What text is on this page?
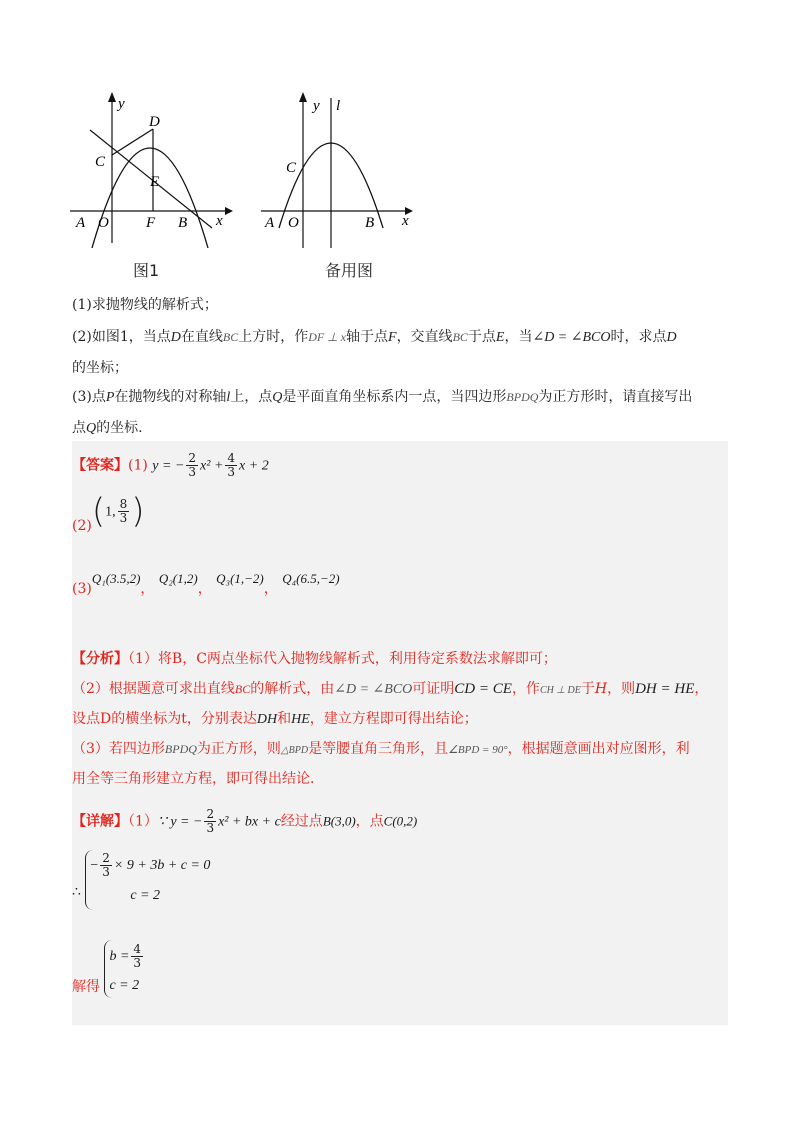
y
x
O
A	B
C
D
E
F
图1
y l
x
O
A	B
C
备用图
(1)求抛物线的解析式；
(2)如图1，当点D在直线BC上方时，作DF ⊥ x轴于点F，交直线BC于点E，当∠D = ∠BCO时，求点D
的坐标；
(3)点P在抛物线的对称轴l上，点Q是平面直角坐标系内一点，当四边形BPDQ为正方形时，请直接写出
点Q的坐标.
【答案】(1) y = − $\frac{2}{3} x^2 + \frac{4}{3}$ x + 2
(2)(1, $\frac{8}{3}$ )
(3)Q₁(3.5,2)， Q₂(1,2)， Q₃(1,−2)， Q₄(6.5,−2)
【分析】（1）将B，C两点坐标代入抛物线解析式，利用待定系数法求解即可；
（2）根据题意可求出直线BC的解析式，由∠D = ∠BCO可证明CD = CE，作CH ⊥ DE于H，则DH = HE，
设点D的横坐标为t，分别表达DH和HE，建立方程即可得出结论；
（3）若四边形BPDQ为正方形，则△BPD是等腰直角三角形，且∠BPD = 90°，根据题意画出对应图形，利
用全等三角形建立方程，即可得出结论.
【详解】（1）∵ y = − $\frac{2}{3} x^2$ + bx + c经过点B(3,0)，点C(0,2)
∴
− $\frac{2}{3} \times 9 + 3b + c = 0$
c = 2
解得
$b = \frac{4}{3}$
c = 2
